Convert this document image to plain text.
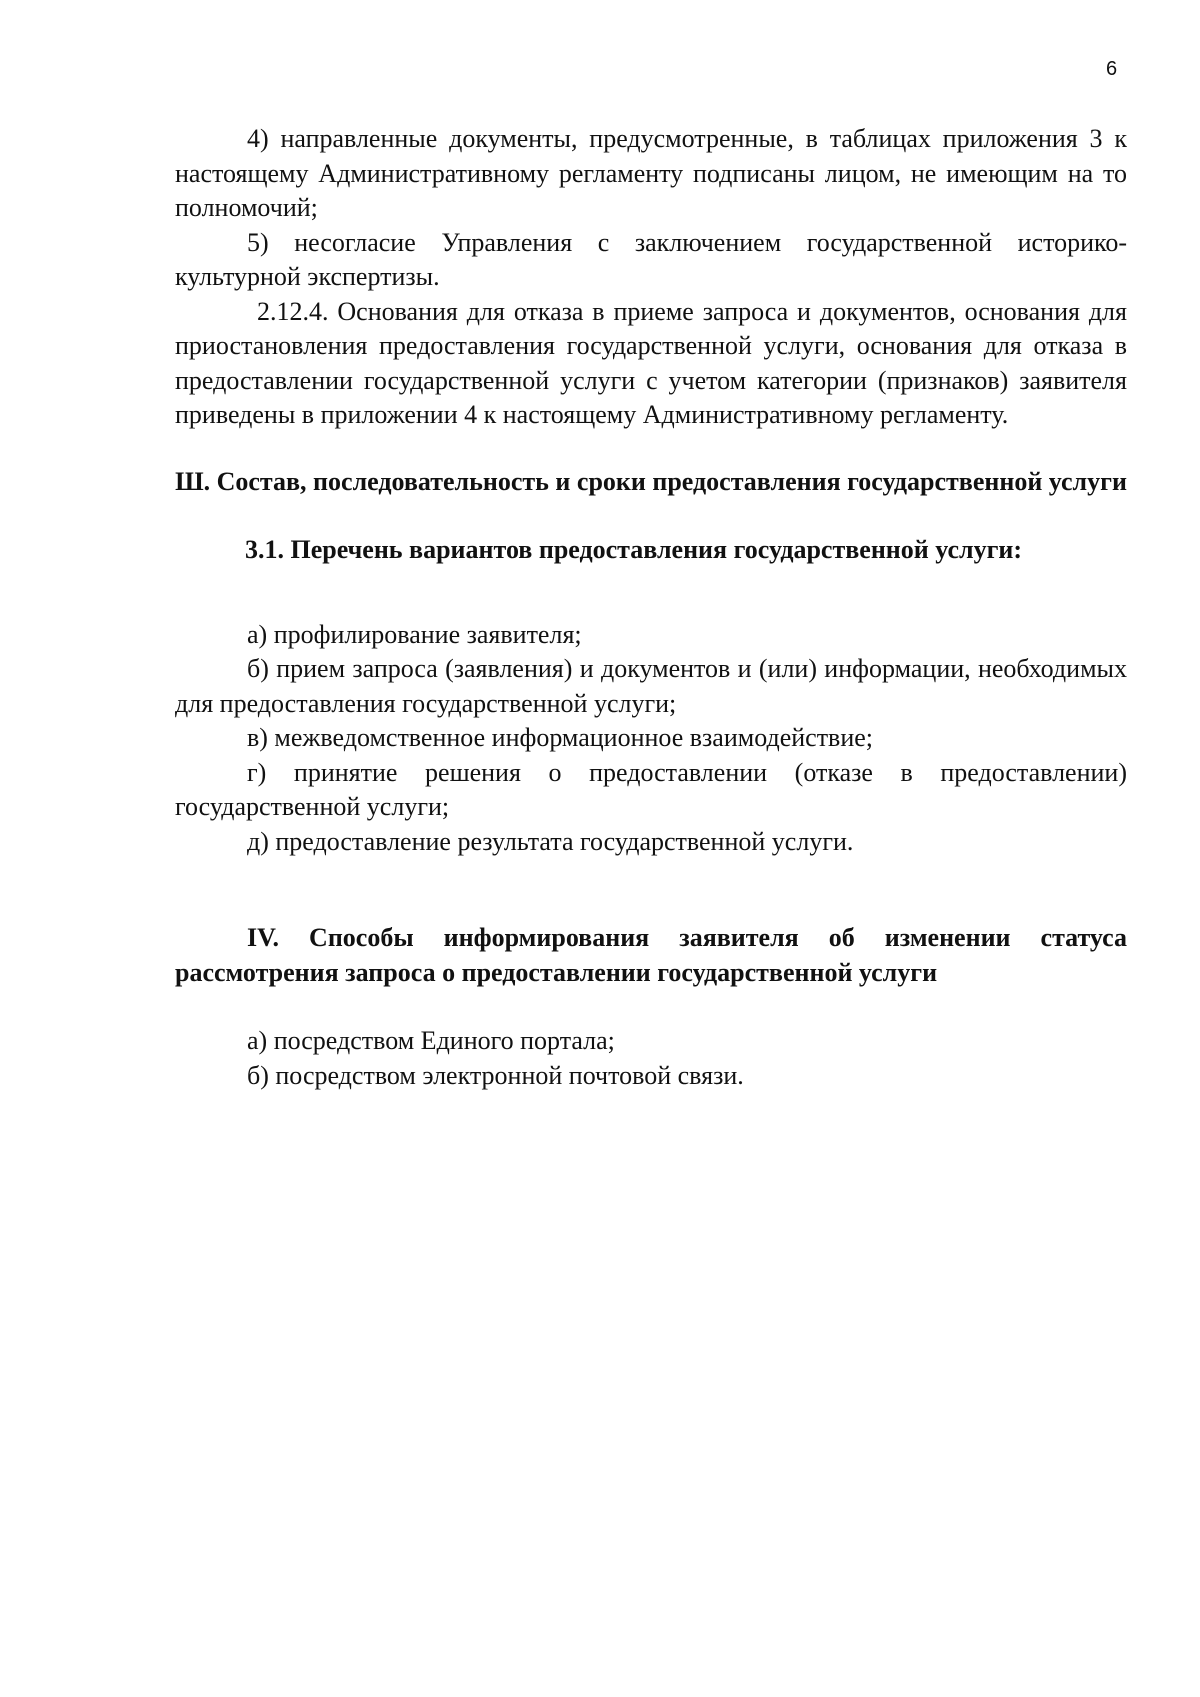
6

4) направленные документы, предусмотренные, в таблицах приложения 3 к настоящему Административному регламенту подписаны лицом, не имеющим на то полномочий;

5) несогласие Управления с заключением государственной историко-культурной экспертизы.

2.12.4. Основания для отказа в приеме запроса и документов, основания для приостановления предоставления государственной услуги, основания для отказа в предоставлении государственной услуги с учетом категории (признаков) заявителя приведены в приложении 4 к настоящему Административному регламенту.

Ш. Состав, последовательность и сроки предоставления государственной услуги

3.1. Перечень вариантов предоставления государственной услуги:

а) профилирование заявителя;

б) прием запроса (заявления) и документов и (или) информации, необходимых для предоставления государственной услуги;

в) межведомственное информационное взаимодействие;

г) принятие решения о предоставлении (отказе в предоставлении) государственной услуги;

д) предоставление результата государственной услуги.

IV. Способы информирования заявителя об изменении статуса рассмотрения запроса о предоставлении государственной услуги

а) посредством Единого портала;

б) посредством электронной почтовой связи.
